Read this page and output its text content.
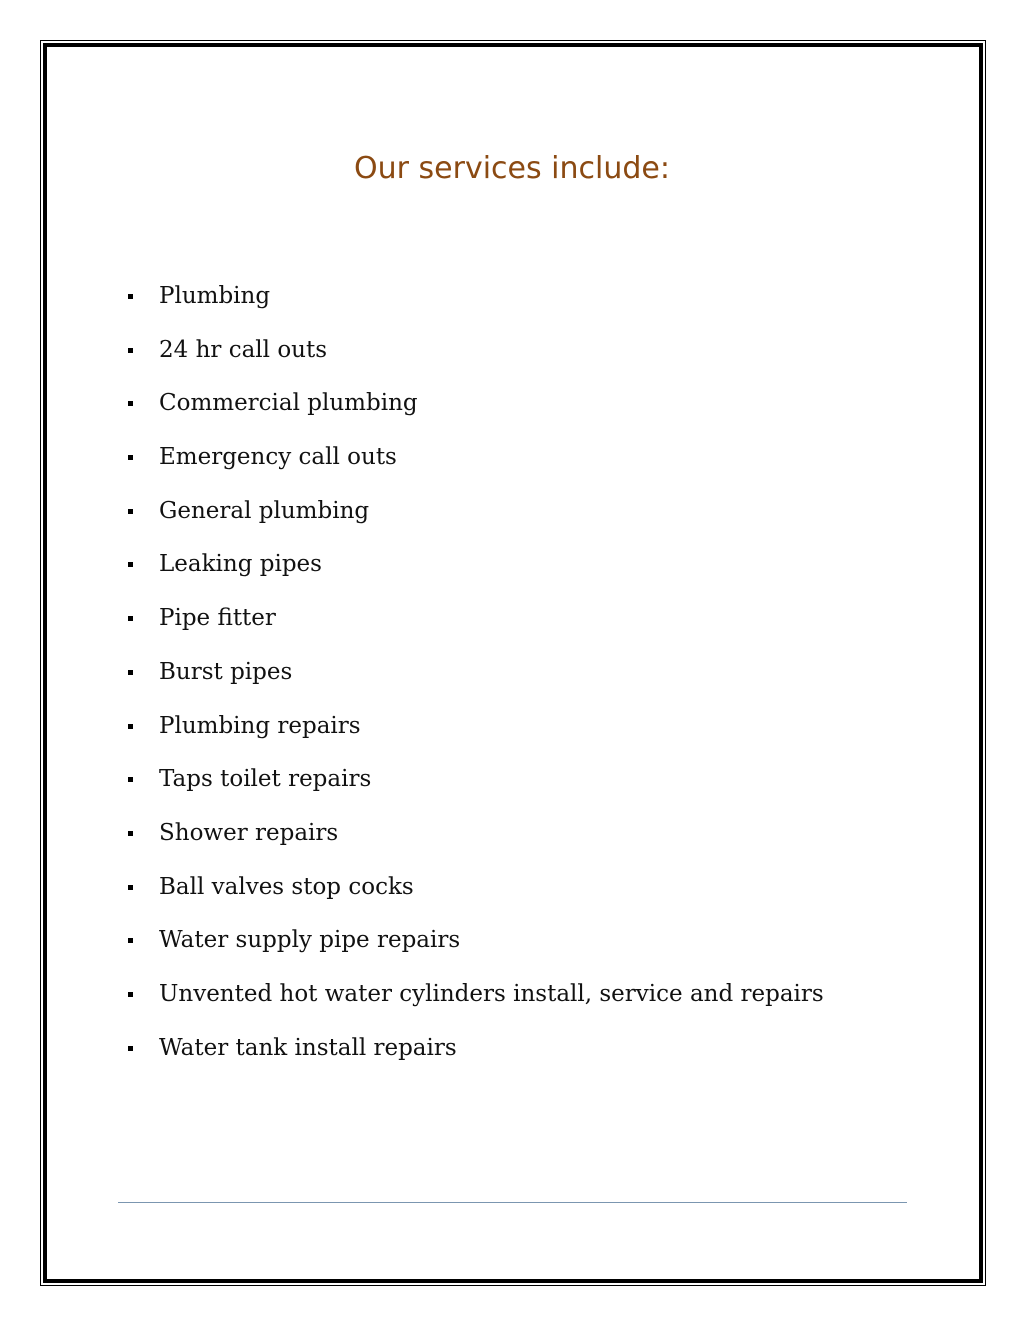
Our services include:
Plumbing
24 hr call outs
Commercial plumbing
Emergency call outs
General plumbing
Leaking pipes
Pipe fitter
Burst pipes
Plumbing repairs
Taps toilet repairs
Shower repairs
Ball valves stop cocks
Water supply pipe repairs
Unvented hot water cylinders install, service and repairs
Water tank install repairs
